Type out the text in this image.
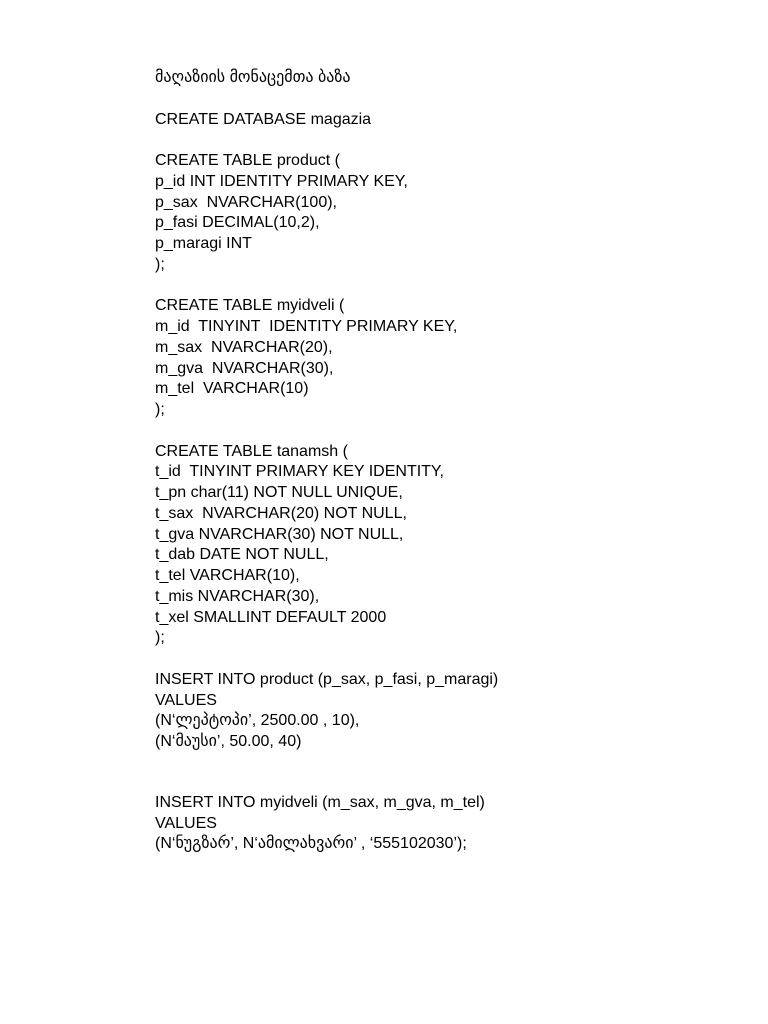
მაღაზიის მონაცემთა ბაზა
CREATE DATABASE magazia
CREATE TABLE product (
p_id INT IDENTITY PRIMARY KEY,
p_sax  NVARCHAR(100),
p_fasi DECIMAL(10,2),
p_maragi INT
);
CREATE TABLE myidveli (
m_id  TINYINT  IDENTITY PRIMARY KEY,
m_sax  NVARCHAR(20),
m_gva  NVARCHAR(30),
m_tel  VARCHAR(10)
);
CREATE TABLE tanamsh (
t_id  TINYINT PRIMARY KEY IDENTITY,
t_pn char(11) NOT NULL UNIQUE,
t_sax  NVARCHAR(20) NOT NULL,
t_gva NVARCHAR(30) NOT NULL,
t_dab DATE NOT NULL,
t_tel VARCHAR(10),
t_mis NVARCHAR(30),
t_xel SMALLINT DEFAULT 2000
);
INSERT INTO product (p_sax, p_fasi, p_maragi)
VALUES
(N‘ლეპტოპი’, 2500.00 , 10),
(N‘მაუსი’, 50.00, 40)
INSERT INTO myidveli (m_sax, m_gva, m_tel)
VALUES
(N‘ნუგზარ’, N‘ამილახვარი’ , ‘555102030’);
